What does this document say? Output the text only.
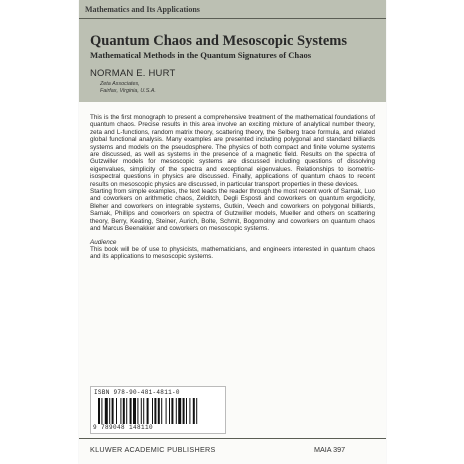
Mathematics and Its Applications
Quantum Chaos and Mesoscopic Systems
Mathematical Methods in the Quantum Signatures of Chaos
NORMAN E. HURT
Zeta Associates,
Fairfax, Virginia, U.S.A.

This is the first monograph to present a comprehensive treatment of the mathematical foundations of quantum chaos. Precise results in this area involve an exciting mixture of analytical number theory, zeta and L-functions, random matrix theory, scattering theory, the Selberg trace formula, and related global functional analysis. Many examples are presented including polygonal and standard billiards systems and models on the pseudosphere. The physics of both compact and finite volume systems are discussed, as well as systems in the presence of a magnetic field. Results on the spectra of Gutzwiller models for mesoscopic systems are discussed including questions of dissolving eigenvalues, simplicity of the spectra and exceptional eigenvalues. Relationships to isometric-isospectral questions in physics are discussed. Finally, applications of quantum chaos to recent results on mesoscopic physics are discussed, in particular transport properties in these devices.

Starting from simple examples, the text leads the reader through the most recent work of Sarnak, Luo and coworkers on arithmetic chaos, Zelditch, Degli Esposti and coworkers on quantum ergodicity, Bleher and coworkers on integrable systems, Gutkin, Veech and coworkers on polygonal billiards, Sarnak, Phillips and coworkers on spectra of Gutzwiller models, Mueller and others on scattering theory, Berry, Keating, Steiner, Aurich, Bolte, Schmit, Bogomolny and coworkers on quantum chaos and Marcus Beenakker and coworkers on mesoscopic systems.

Audience

This book will be of use to physicists, mathematicians, and engineers interested in quantum chaos and its applications to mesoscopic systems.

ISBN 978-90-481-4811-0
9 789048 148110
KLUWER ACADEMIC PUBLISHERS	MAIA 397
